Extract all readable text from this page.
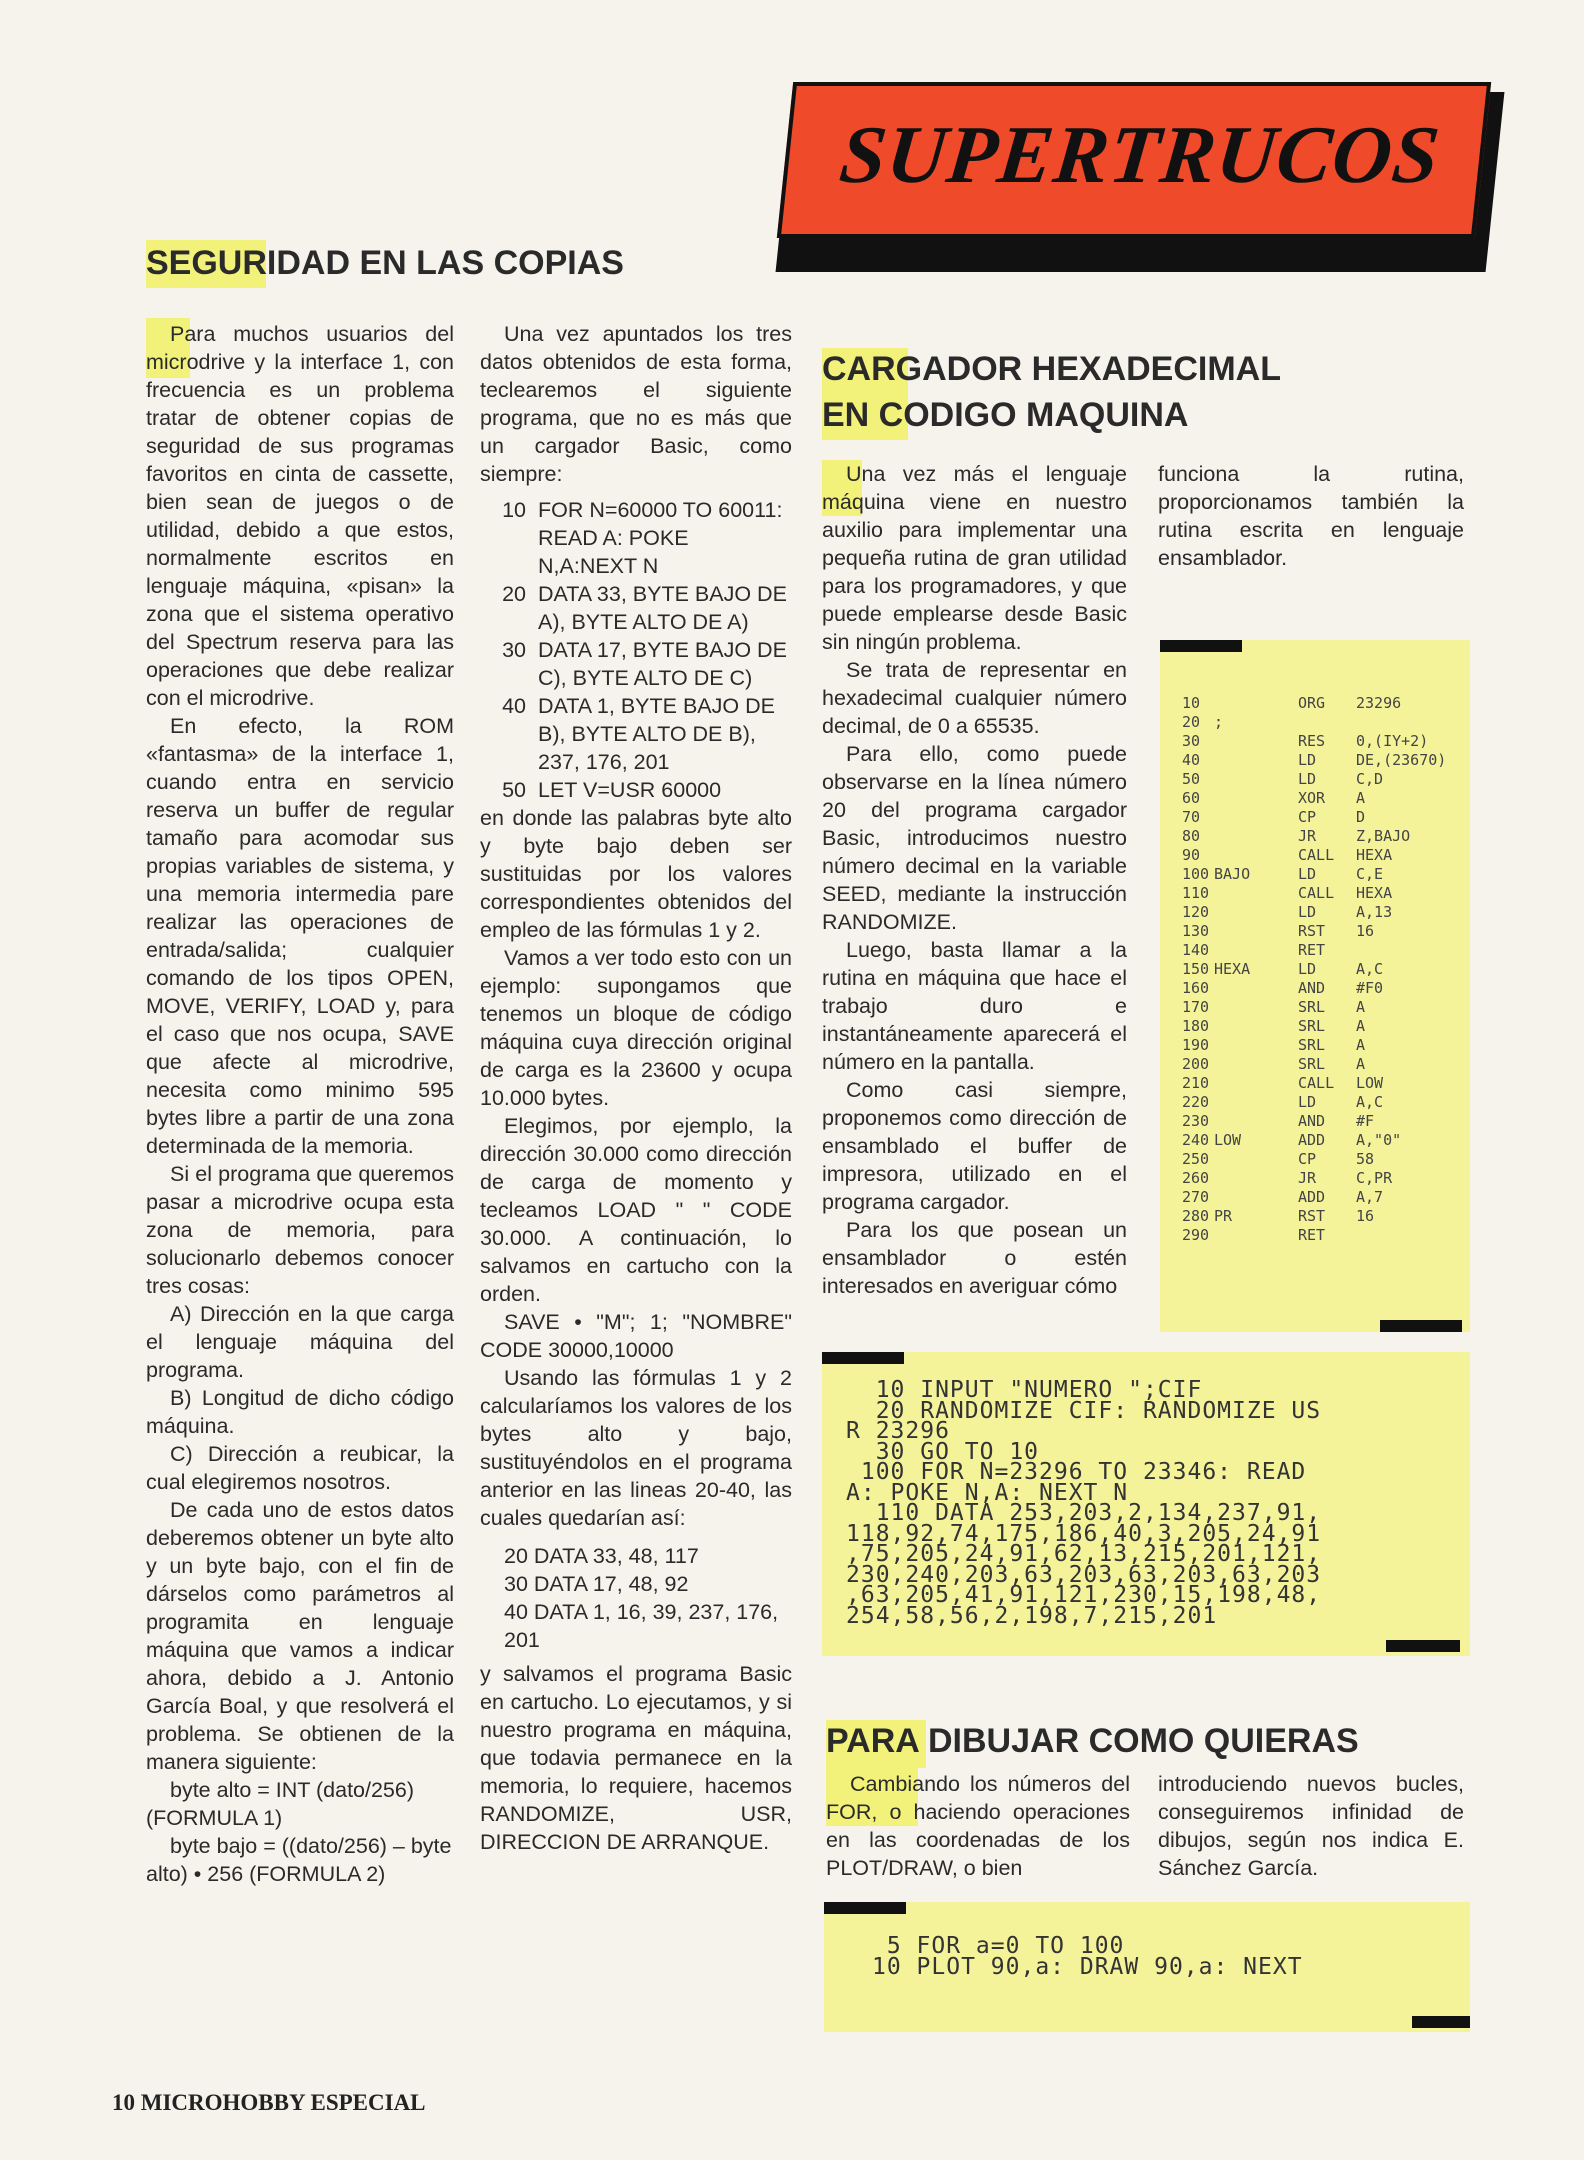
SUPERTRUCOS
SEGURIDAD EN LAS COPIAS

Para muchos usuarios del microdrive y la interface 1, con frecuencia es un problema tratar de obtener copias de seguridad de sus programas favoritos en cinta de cassette, bien sean de juegos o de utilidad, debido a que estos, normalmente escritos en lenguaje máquina, «pisan» la zona que el sistema operativo del Spectrum reserva para las operaciones que debe realizar con el microdrive.

En efecto, la ROM «fantasma» de la interface 1, cuando entra en servicio reserva un buffer de regular tamaño para acomodar sus propias variables de sistema, y una memoria intermedia pare realizar las operaciones de entrada/salida; cualquier comando de los tipos OPEN, MOVE, VERIFY, LOAD y, para el caso que nos ocupa, SAVE que afecte al microdrive, necesita como minimo 595 bytes libre a partir de una zona determinada de la memoria.

Si el programa que queremos pasar a microdrive ocupa esta zona de memoria, para solucionarlo debemos conocer tres cosas:

A) Dirección en la que carga el lenguaje máquina del programa.

B) Longitud de dicho código máquina.

C) Dirección a reubicar, la cual elegiremos nosotros.

De cada uno de estos datos deberemos obtener un byte alto y un byte bajo, con el fin de dárselos como parámetros al programita en lenguaje máquina que vamos a indicar ahora, debido a J. Antonio García Boal, y que resolverá el problema. Se obtienen de la manera siguiente:

byte alto = INT (dato/256) (FORMULA 1)

byte bajo = ((dato/256) – byte alto) • 256 (FORMULA 2)

Una vez apuntados los tres datos obtenidos de esta forma, teclearemos el siguiente programa, que no es más que un cargador Basic, como siempre:

10 FOR N=60000 TO 60011: READ A: POKE N,A:NEXT N
20 DATA 33, BYTE BAJO DE A), BYTE ALTO DE A)
30 DATA 17, BYTE BAJO DE C), BYTE ALTO DE C)
40 DATA 1, BYTE BAJO DE B), BYTE ALTO DE B), 237, 176, 201
50 LET V=USR 60000

en donde las palabras byte alto y byte bajo deben ser sustituidas por los valores correspondientes obtenidos del empleo de las fórmulas 1 y 2.

Vamos a ver todo esto con un ejemplo: supongamos que tenemos un bloque de código máquina cuya dirección original de carga es la 23600 y ocupa 10.000 bytes.

Elegimos, por ejemplo, la dirección 30.000 como dirección de carga de momento y tecleamos LOAD " " CODE 30.000. A continuación, lo salvamos en cartucho con la orden.

SAVE • "M"; 1; "NOMBRE" CODE 30000,10000

Usando las fórmulas 1 y 2 calcularíamos los valores de los bytes alto y bajo, sustituyéndolos en el programa anterior en las lineas 20-40, las cuales quedarían así:

20 DATA 33, 48, 117
30 DATA 17, 48, 92
40 DATA 1, 16, 39, 237, 176, 201

y salvamos el programa Basic en cartucho. Lo ejecutamos, y si nuestro programa en máquina, que todavia permanece en la memoria, lo requiere, hacemos RANDOMIZE, USR, DIRECCION DE ARRANQUE.

CARGADOR HEXADECIMAL
EN CODIGO MAQUINA

Una vez más el lenguaje máquina viene en nuestro auxilio para implementar una pequeña rutina de gran utilidad para los programadores, y que puede emplearse desde Basic sin ningún problema.

Se trata de representar en hexadecimal cualquier número decimal, de 0 a 65535.

Para ello, como puede observarse en la línea número 20 del programa cargador Basic, introducimos nuestro número decimal en la variable SEED, mediante la instrucción RANDOMIZE.

Luego, basta llamar a la rutina en máquina que hace el trabajo duro e instantáneamente aparecerá el número en la pantalla.

Como casi siempre, proponemos como dirección de ensamblado el buffer de impresora, utilizado en el programa cargador.

Para los que posean un ensamblador o estén interesados en averiguar cómo

funciona la rutina, proporcionamos también la rutina escrita en lenguaje ensamblador.

10	ORG	23296
20 ;
30	RES	0,(IY+2)
40	LD	DE,(23670)
50	LD	C,D
60	XOR	A
70	CP	D
80	JR	Z,BAJO
90	CALL	HEXA
100 BAJO	LD	C,E
110	CALL	HEXA
120	LD	A,13
130	RST	16
140	RET
150 HEXA	LD	A,C
160	AND	#F0
170	SRL	A
180	SRL	A
190	SRL	A
200	SRL	A
210	CALL	LOW
220	LD	A,C
230	AND	#F
240 LOW	ADD	A,"0"
250	CP	58
260	JR	C,PR
270	ADD	A,7
280 PR	RST	16
290	RET
10 INPUT "NUMERO ";CIF
20 RANDOMIZE CIF: RANDOMIZE US
R 23296
30 GO TO 10
100 FOR N=23296 TO 23346: READ
A: POKE N,A: NEXT N
110 DATA 253,203,2,134,237,91,
118,92,74,175,186,40,3,205,24,91
,75,205,24,91,62,13,215,201,121,
230,240,203,63,203,63,203,63,203
,63,205,41,91,121,230,15,198,48,
254,58,56,2,198,7,215,201
PARA DIBUJAR COMO QUIERAS

Cambiando los números del FOR, o haciendo operaciones en las coordenadas de los PLOT/DRAW, o bien

introduciendo nuevos bucles, conseguiremos infinidad de dibujos, según nos indica E. Sánchez García.

5 FOR a=0 TO 100
10 PLOT 90,a: DRAW 90,a: NEXT
10 MICROHOBBY ESPECIAL
